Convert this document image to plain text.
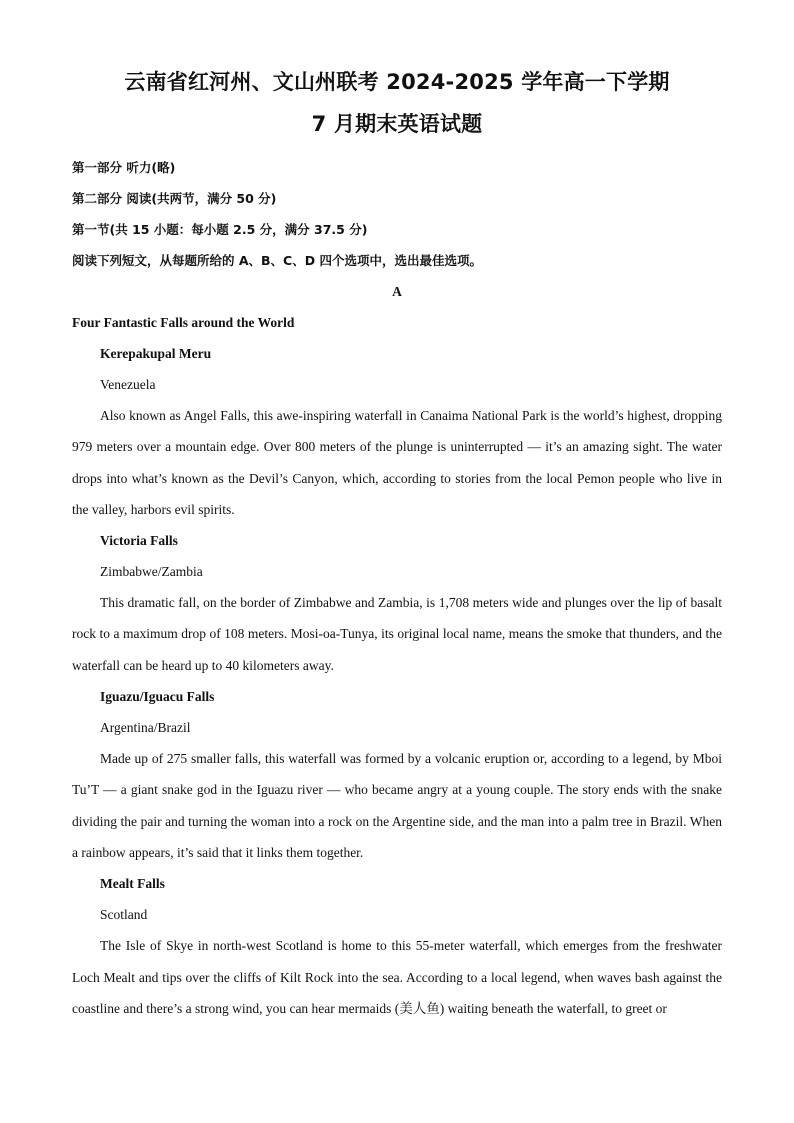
云南省红河州、文山州联考 2024-2025 学年高一下学期
7 月期末英语试题

第一部分 听力(略)

第二部分 阅读(共两节，满分 50 分)

第一节(共 15 小题：每小题 2.5 分，满分 37.5 分)

阅读下列短文，从每题所给的 A、B、C、D 四个选项中，选出最佳选项。

A

Four Fantastic Falls around the World

Kerepakupal Meru

Venezuela

Also known as Angel Falls, this awe-inspiring waterfall in Canaima National Park is the world’s highest, dropping 979 meters over a mountain edge. Over 800 meters of the plunge is uninterrupted — it’s an amazing sight. The water drops into what’s known as the Devil’s Canyon, which, according to stories from the local Pemon people who live in the valley, harbors evil spirits.

Victoria Falls

Zimbabwe/Zambia

This dramatic fall, on the border of Zimbabwe and Zambia, is 1,708 meters wide and plunges over the lip of basalt rock to a maximum drop of 108 meters. Mosi-oa-Tunya, its original local name, means the smoke that thunders, and the waterfall can be heard up to 40 kilometers away.

Iguazu/Iguacu Falls

Argentina/Brazil

Made up of 275 smaller falls, this waterfall was formed by a volcanic eruption or, according to a legend, by Mboi Tu’T — a giant snake god in the Iguazu river — who became angry at a young couple. The story ends with the snake dividing the pair and turning the woman into a rock on the Argentine side, and the man into a palm tree in Brazil. When a rainbow appears, it’s said that it links them together.

Mealt Falls

Scotland

The Isle of Skye in north-west Scotland is home to this 55-meter waterfall, which emerges from the freshwater Loch Mealt and tips over the cliffs of Kilt Rock into the sea. According to a local legend, when waves bash against the coastline and there’s a strong wind, you can hear mermaids (美人鱼) waiting beneath the waterfall, to greet or
